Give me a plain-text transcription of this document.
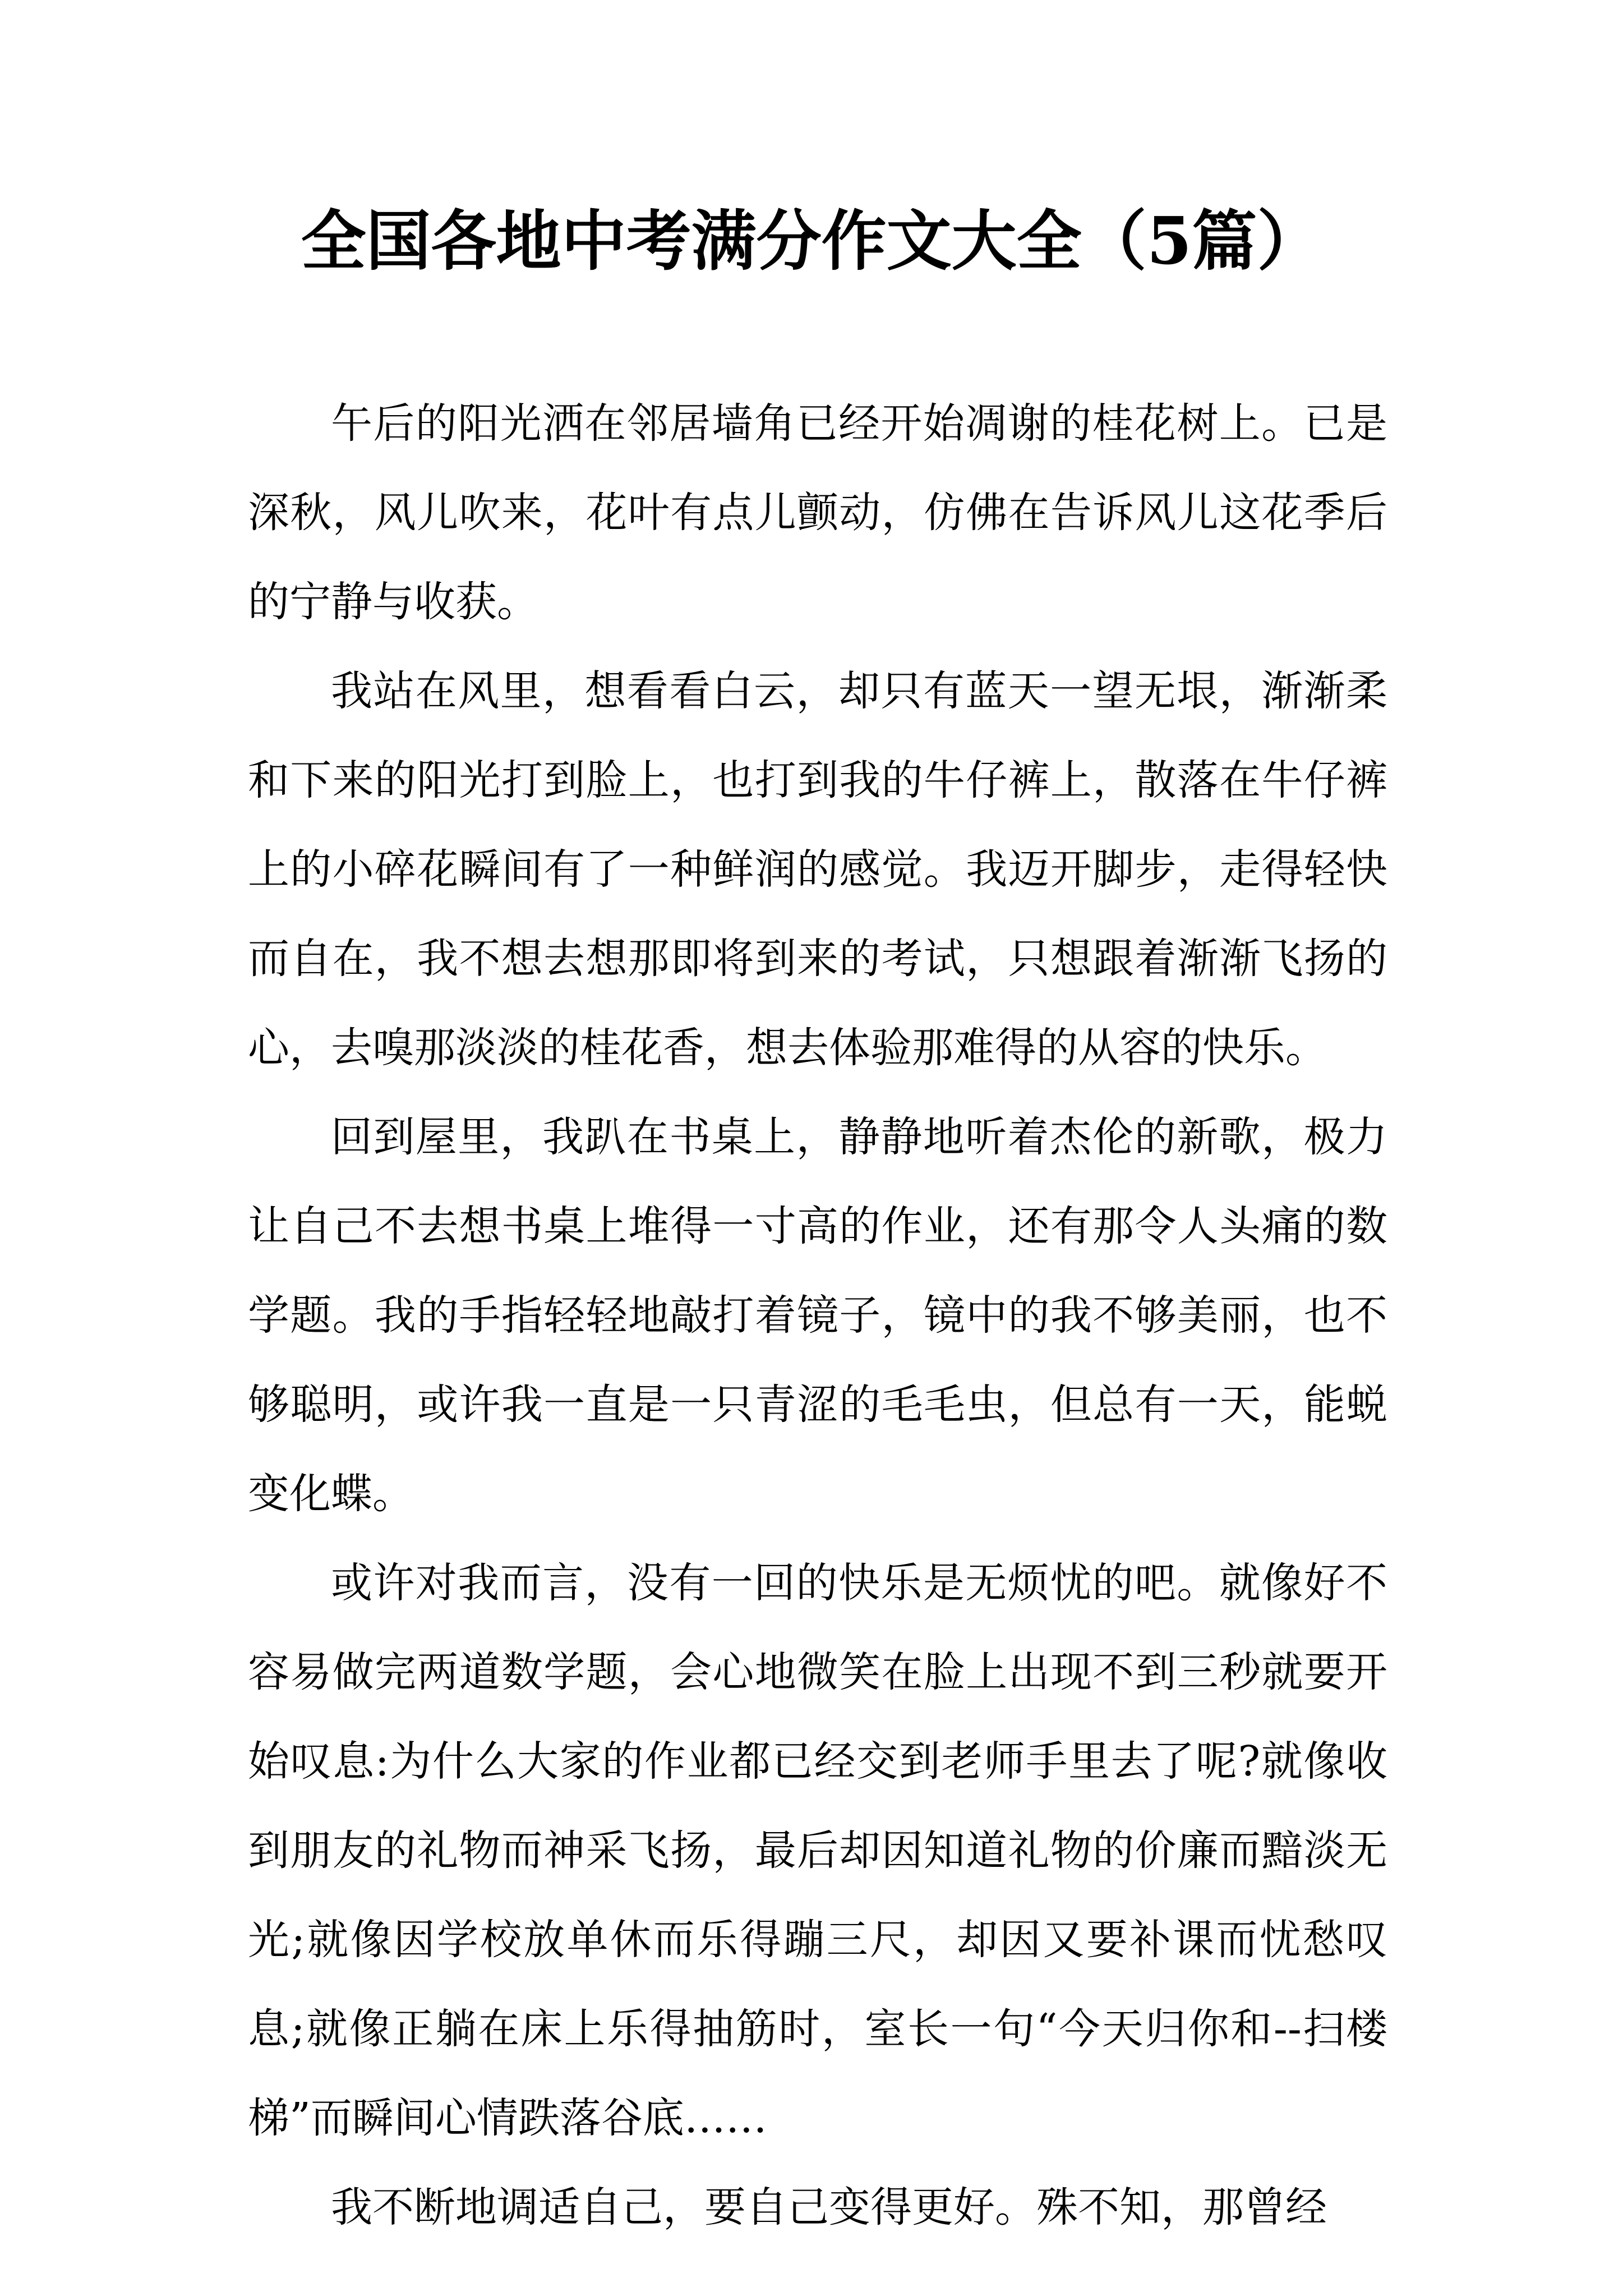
全国各地中考满分作文大全（5篇）

午后的阳光洒在邻居墙角已经开始凋谢的桂花树上。已是深秋，风儿吹来，花叶有点儿颤动，仿佛在告诉风儿这花季后的宁静与收获。

我站在风里，想看看白云，却只有蓝天一望无垠，渐渐柔和下来的阳光打到脸上，也打到我的牛仔裤上，散落在牛仔裤上的小碎花瞬间有了一种鲜润的感觉。我迈开脚步，走得轻快而自在，我不想去想那即将到来的考试，只想跟着渐渐飞扬的心，去嗅那淡淡的桂花香，想去体验那难得的从容的快乐。

回到屋里，我趴在书桌上，静静地听着杰伦的新歌，极力让自己不去想书桌上堆得一寸高的作业，还有那令人头痛的数学题。我的手指轻轻地敲打着镜子，镜中的我不够美丽，也不够聪明，或许我一直是一只青涩的毛毛虫，但总有一天，能蜕变化蝶。

或许对我而言，没有一回的快乐是无烦忧的吧。就像好不容易做完两道数学题，会心地微笑在脸上出现不到三秒就要开始叹息:为什么大家的作业都已经交到老师手里去了呢?就像收到朋友的礼物而神采飞扬，最后却因知道礼物的价廉而黯淡无光;就像因学校放单休而乐得蹦三尺，却因又要补课而忧愁叹息;就像正躺在床上乐得抽筋时，室长一句“今天归你和--扫楼梯”而瞬间心情跌落谷底……

我不断地调适自己，要自己变得更好。殊不知，那曾经
